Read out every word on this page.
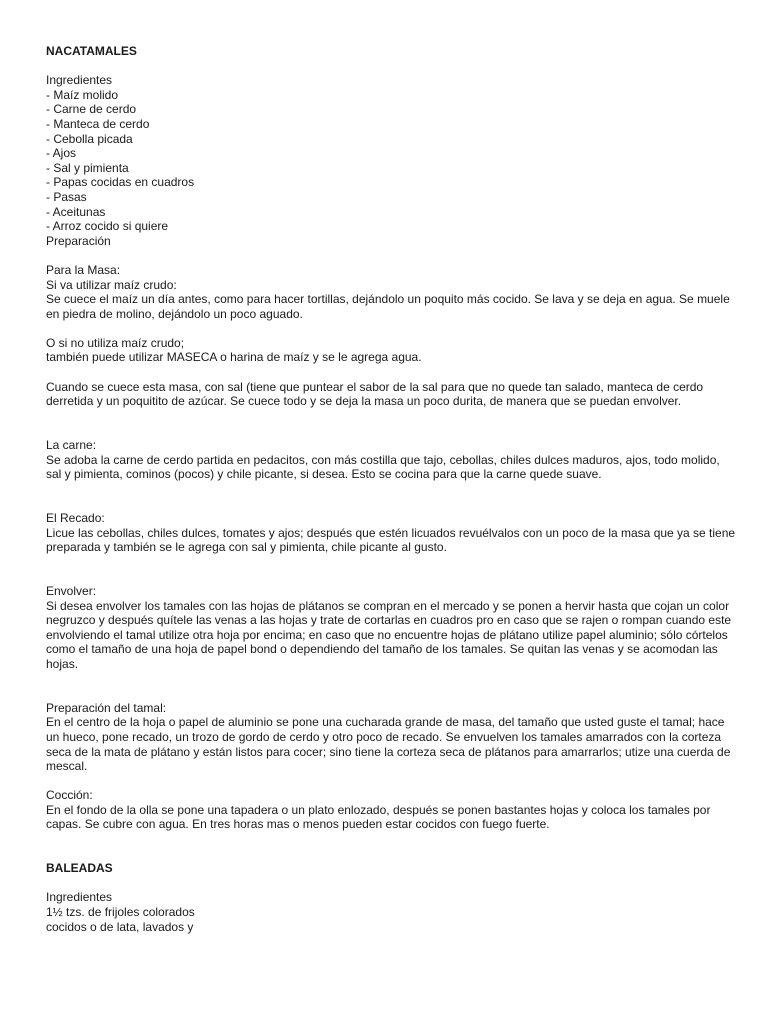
NACATAMALES
Ingredientes
- Maíz molido
- Carne de cerdo
- Manteca de cerdo
- Cebolla picada
- Ajos
- Sal y pimienta
- Papas cocidas en cuadros
- Pasas
- Aceitunas
- Arroz cocido si quiere
Preparación
Para la Masa:
Si va utilizar maíz crudo:

Se cuece el maíz un día antes, como para hacer tortillas, dejándolo un poquito más cocido. Se lava y se deja en agua. Se muele en piedra de molino, dejándolo un poco aguado.

O si no utiliza maíz crudo;

también puede utilizar MASECA o harina de maíz y se le agrega agua.

Cuando se cuece esta masa, con sal (tiene que puntear el sabor de la sal para que no quede tan salado, manteca de cerdo derretida y un poquitito de azúcar. Se cuece todo y se deja la masa un poco durita, de manera que se puedan envolver.

La carne:

Se adoba la carne de cerdo partida en pedacitos, con más costilla que tajo, cebollas, chiles dulces maduros, ajos, todo molido, sal y pimienta, cominos (pocos) y chile picante, si desea. Esto se cocina para que la carne quede suave.

El Recado:

Licue las cebollas, chiles dulces, tomates y ajos; después que estén licuados revuélvalos con un poco de la masa que ya se tiene preparada y también se le agrega con sal y pimienta, chile picante al gusto.

Envolver:

Si desea envolver los tamales con las hojas de plátanos se compran en el mercado y se ponen a hervir hasta que cojan un color negruzco y después quítele las venas a las hojas y trate de cortarlas en cuadros pro en caso que se rajen o rompan cuando este envolviendo el tamal utilize otra hoja por encima; en caso que no encuentre hojas de plátano utilize papel aluminio; sólo córtelos como el tamaño de una hoja de papel bond o dependiendo del tamaño de los tamales. Se quitan las venas y se acomodan las hojas.

Preparación del tamal:

En el centro de la hoja o papel de aluminio se pone una cucharada grande de masa, del tamaño que usted guste el tamal; hace un hueco, pone recado, un trozo de gordo de cerdo y otro poco de recado. Se envuelven los tamales amarrados con la corteza seca de la mata de plátano y están listos para cocer; sino tiene la corteza seca de plátanos para amarrarlos; utize una cuerda de mescal.

Cocción:

En el fondo de la olla se pone una tapadera o un plato enlozado, después se ponen bastantes hojas y coloca los tamales por capas. Se cubre con agua. En tres horas mas o menos pueden estar cocidos con fuego fuerte.

BALEADAS
Ingredientes
1½ tzs. de frijoles colorados
cocidos o de lata, lavados y
